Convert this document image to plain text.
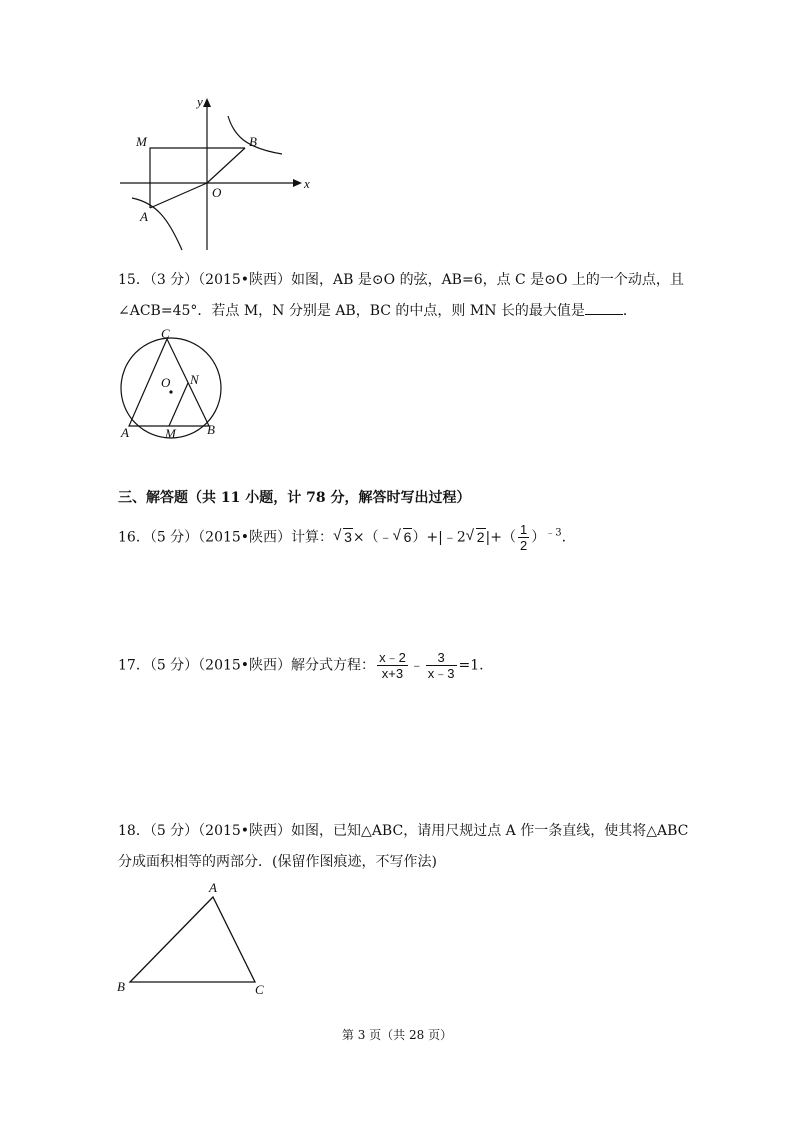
y
x
M	B
O
A
15．（3 分）（2015•陕西）如图，AB 是⊙O 的弦，AB=6，点 C 是⊙O 上的一个动点，且
∠ACB=45°．若点 M，N 分别是 AB，BC 的中点，则 MN 长的最大值是	．
C
O N
A	M B
三、解答题（共 11 小题，计 78 分，解答时写出过程）
16．（5 分）（2015•陕西）计算： √ 3×（﹣ √ 6）+|﹣2 √ $2|+( \frac{1}{2} )^{﹣3}$.
17．（5 分）（2015•陕西）解分式方程： $\frac{x﹣2}{x+3}$ ﹣ $\frac{3}{x﹣3} =1$.
18．（5 分）（2015•陕西）如图，已知△ABC，请用尺规过点 A 作一条直线，使其将△ABC
分成面积相等的两部分．(保留作图痕迹，不写作法)
A
B	C
第 3 页（共 28 页）
